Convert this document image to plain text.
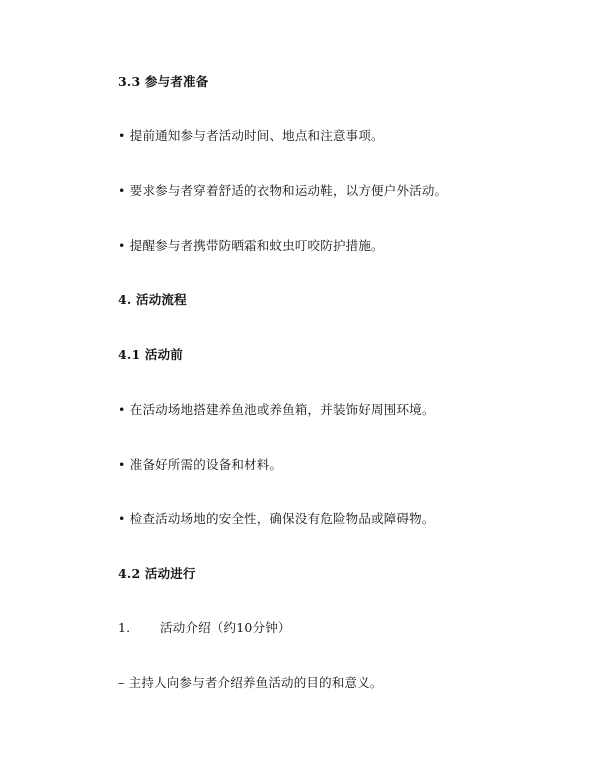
3.3 参与者准备
• 提前通知参与者活动时间、地点和注意事项。
• 要求参与者穿着舒适的衣物和运动鞋，以方便户外活动。
• 提醒参与者携带防晒霜和蚊虫叮咬防护措施。
4. 活动流程
4.1 活动前
• 在活动场地搭建养鱼池或养鱼箱，并装饰好周围环境。
• 准备好所需的设备和材料。
• 检查活动场地的安全性，确保没有危险物品或障碍物。
4.2 活动进行
1. 活动介绍（约10分钟）
– 主持人向参与者介绍养鱼活动的目的和意义。
